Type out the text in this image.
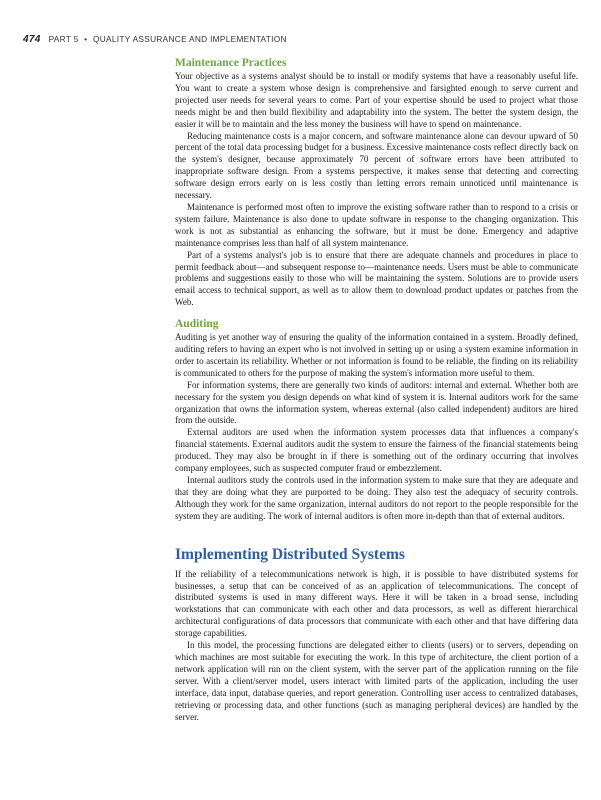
474 PART 5 • QUALITY ASSURANCE AND IMPLEMENTATION
Maintenance Practices

Your objective as a systems analyst should be to install or modify systems that have a reasonably useful life. You want to create a system whose design is comprehensive and farsighted enough to serve current and projected user needs for several years to come. Part of your expertise should be used to project what those needs might be and then build flexibility and adaptability into the system. The better the system design, the easier it will be to maintain and the less money the business will have to spend on maintenance.

Reducing maintenance costs is a major concern, and software maintenance alone can devour upward of 50 percent of the total data processing budget for a business. Excessive maintenance costs reflect directly back on the system's designer, because approximately 70 percent of software errors have been attributed to inappropriate software design. From a systems perspective, it makes sense that detecting and correcting software design errors early on is less costly than letting errors remain unnoticed until maintenance is necessary.

Maintenance is performed most often to improve the existing software rather than to respond to a crisis or system failure. Maintenance is also done to update software in response to the changing organization. This work is not as substantial as enhancing the software, but it must be done. Emergency and adaptive maintenance comprises less than half of all system maintenance.

Part of a systems analyst's job is to ensure that there are adequate channels and procedures in place to permit feedback about—and subsequent response to—maintenance needs. Users must be able to communicate problems and suggestions easily to those who will be maintaining the system. Solutions are to provide users email access to technical support, as well as to allow them to download product updates or patches from the Web.

Auditing

Auditing is yet another way of ensuring the quality of the information contained in a system. Broadly defined, auditing refers to having an expert who is not involved in setting up or using a system examine information in order to ascertain its reliability. Whether or not information is found to be reliable, the finding on its reliability is communicated to others for the purpose of making the system's information more useful to them.

For information systems, there are generally two kinds of auditors: internal and external. Whether both are necessary for the system you design depends on what kind of system it is. Internal auditors work for the same organization that owns the information system, whereas external (also called independent) auditors are hired from the outside.

External auditors are used when the information system processes data that influences a company's financial statements. External auditors audit the system to ensure the fairness of the financial statements being produced. They may also be brought in if there is something out of the ordinary occurring that involves company employees, such as suspected computer fraud or embezzlement.

Internal auditors study the controls used in the information system to make sure that they are adequate and that they are doing what they are purported to be doing. They also test the adequacy of security controls. Although they work for the same organization, internal auditors do not report to the people responsible for the system they are auditing. The work of internal auditors is often more in-depth than that of external auditors.

Implementing Distributed Systems

If the reliability of a telecommunications network is high, it is possible to have distributed systems for businesses, a setup that can be conceived of as an application of telecommunications. The concept of distributed systems is used in many different ways. Here it will be taken in a broad sense, including workstations that can communicate with each other and data processors, as well as different hierarchical architectural configurations of data processors that communicate with each other and that have differing data storage capabilities.

In this model, the processing functions are delegated either to clients (users) or to servers, depending on which machines are most suitable for executing the work. In this type of architecture, the client portion of a network application will run on the client system, with the server part of the application running on the file server. With a client/server model, users interact with limited parts of the application, including the user interface, data input, database queries, and report generation. Controlling user access to centralized databases, retrieving or processing data, and other functions (such as managing peripheral devices) are handled by the server.
